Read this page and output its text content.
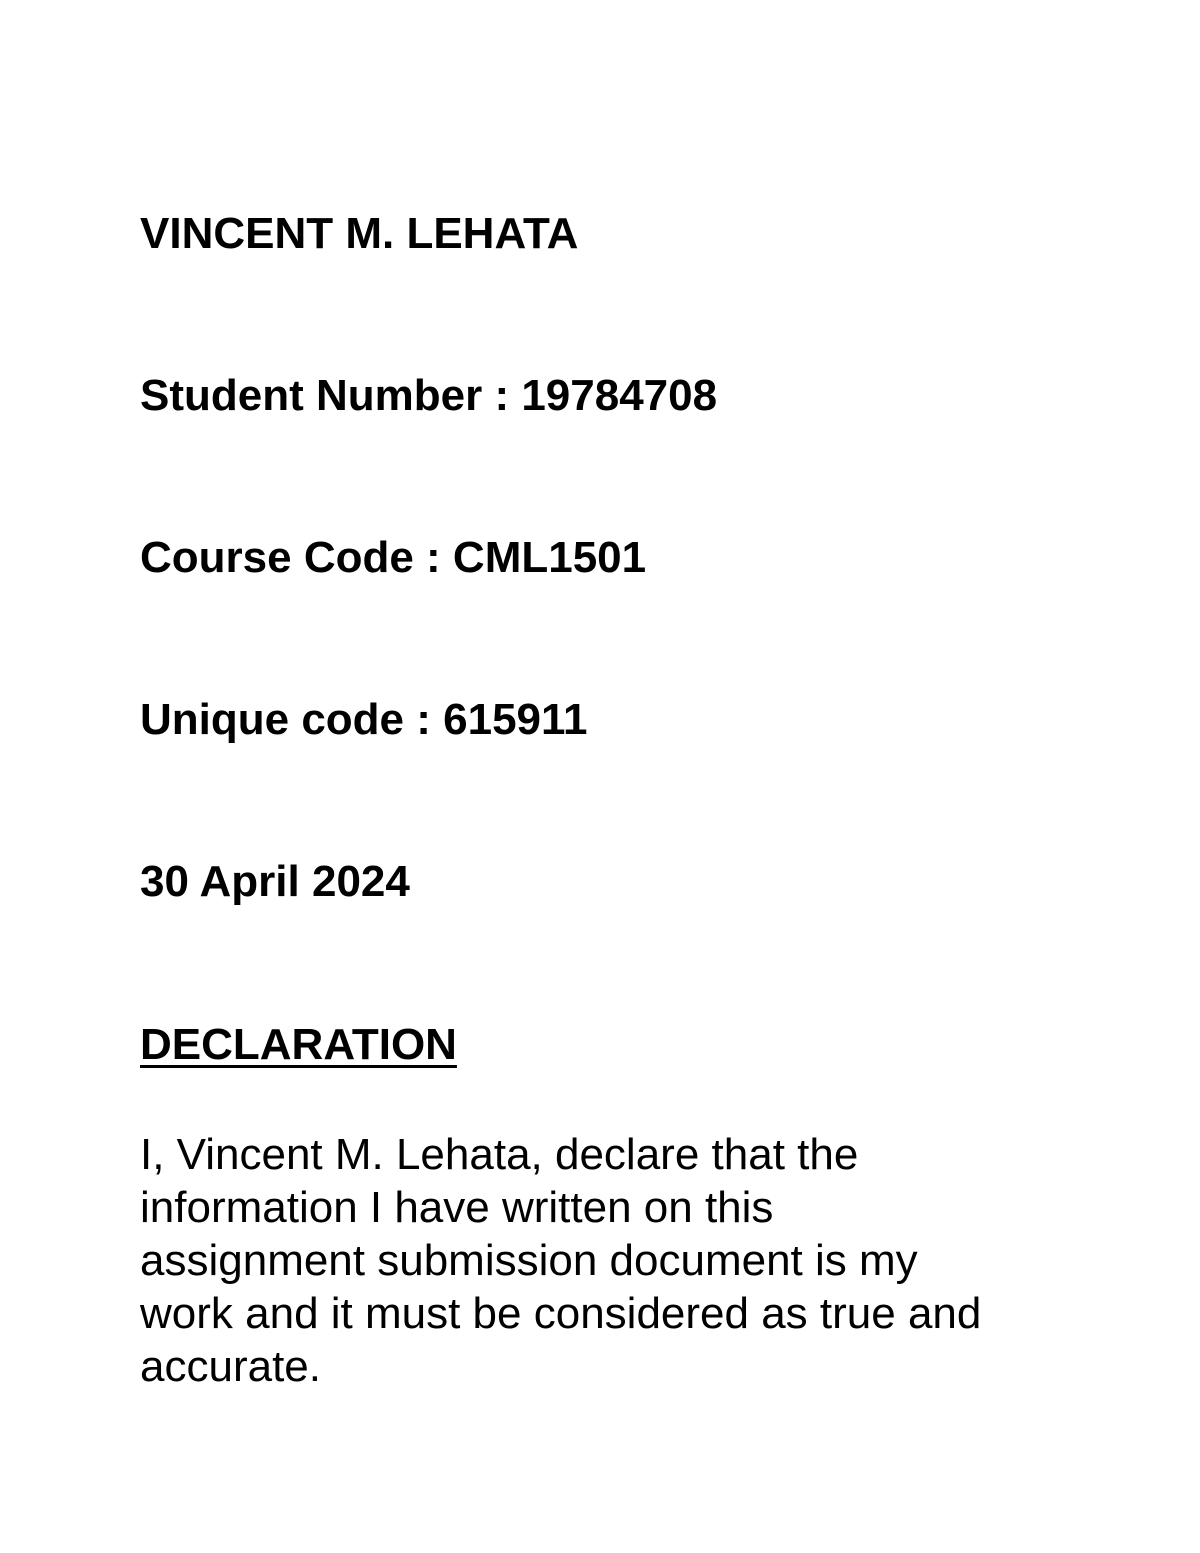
VINCENT M. LEHATA
Student Number : 19784708
Course Code : CML1501
Unique code : 615911
30 April 2024
DECLARATION

I, Vincent M. Lehata, declare that the
information I have written on this
assignment submission document is my
work and it must be considered as true and
accurate.
